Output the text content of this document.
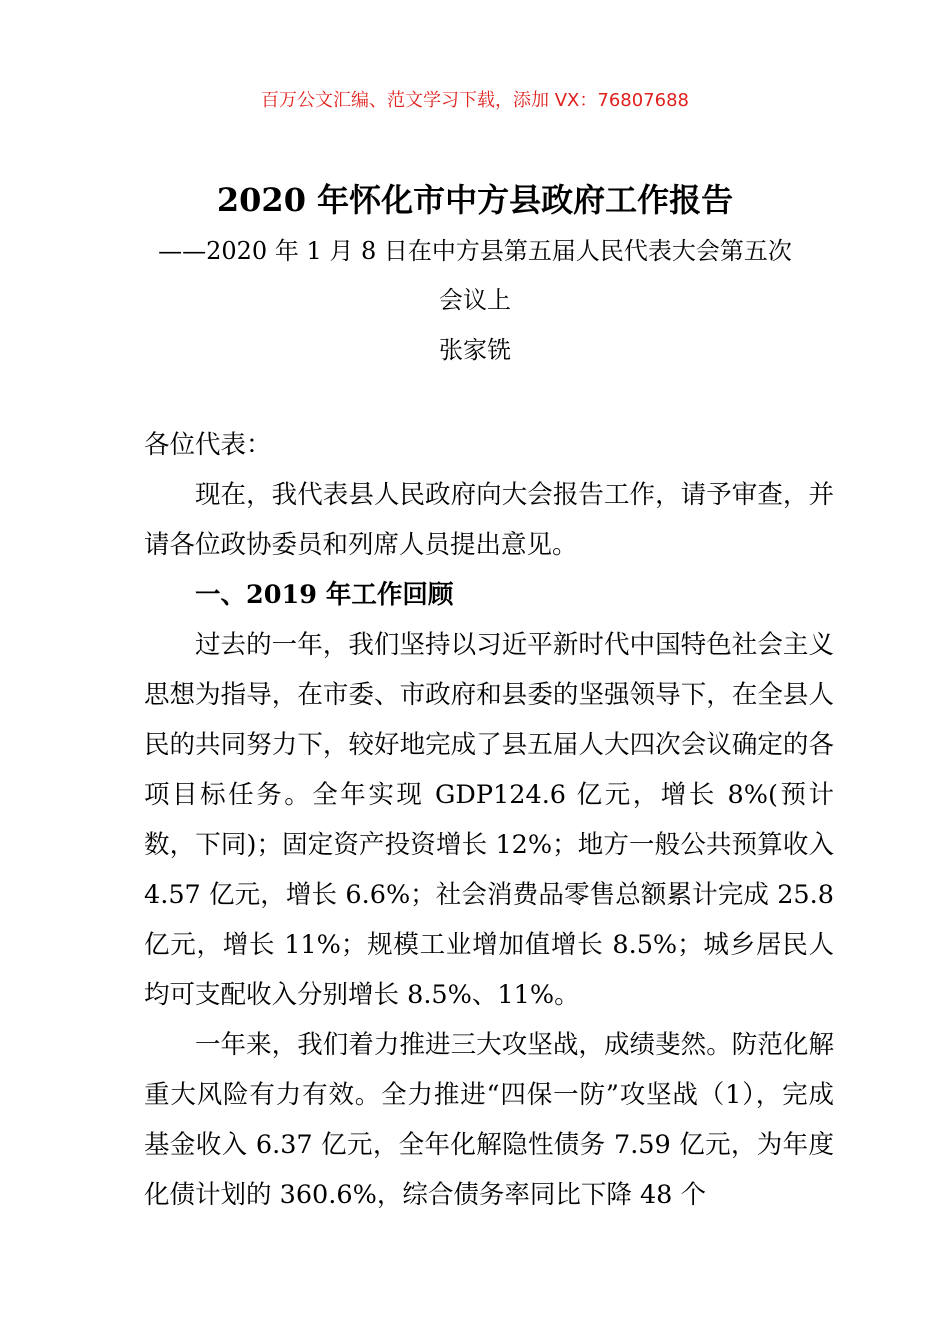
百万公文汇编、范文学习下载，添加 VX：76807688
2020 年怀化市中方县政府工作报告
——2020 年 1 月 8 日在中方县第五届人民代表大会第五次
会议上
张家铣

各位代表：

现在，我代表县人民政府向大会报告工作，请予审查，并请各位政协委员和列席人员提出意见。

一、2019 年工作回顾

过去的一年，我们坚持以习近平新时代中国特色社会主义思想为指导，在市委、市政府和县委的坚强领导下，在全县人民的共同努力下，较好地完成了县五届人大四次会议确定的各项目标任务。全年实现 GDP124.6 亿元，增长 8%(预计数，下同)；固定资产投资增长 12%；地方一般公共预算收入 4.57 亿元，增长 6.6%；社会消费品零售总额累计完成 25.8 亿元，增长 11%；规模工业增加值增长 8.5%；城乡居民人均可支配收入分别增长 8.5%、11%。

一年来，我们着力推进三大攻坚战，成绩斐然。防范化解重大风险有力有效。全力推进“四保一防”攻坚战（1），完成基金收入 6.37 亿元，全年化解隐性债务 7.59 亿元，为年度化债计划的 360.6%，综合债务率同比下降 48 个
